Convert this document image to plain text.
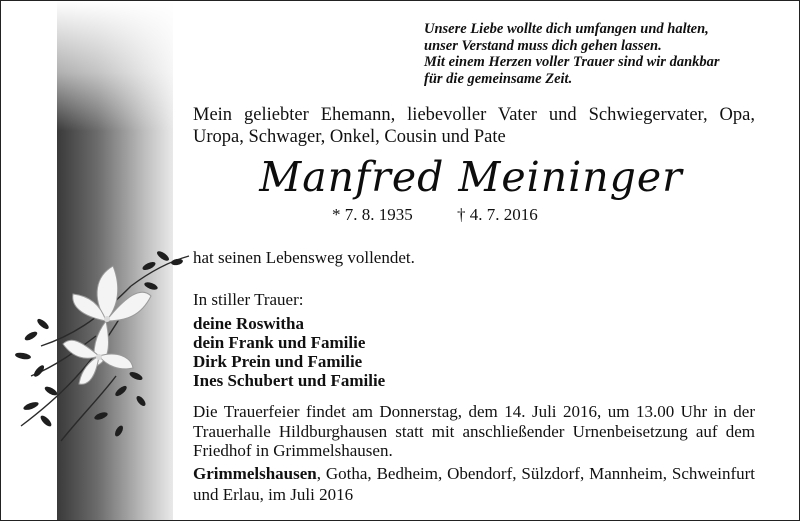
Unsere Liebe wollte dich umfangen und halten,
unser Verstand muss dich gehen lassen.
Mit einem Herzen voller Trauer sind wir dankbar
für die gemeinsame Zeit.
Mein geliebter Ehemann, liebevoller Vater und Schwiegervater, Opa, Uropa, Schwager, Onkel, Cousin und Pate
Manfred Meininger
* 7. 8. 1935	† 4. 7. 2016
hat seinen Lebensweg vollendet.
In stiller Trauer:
deine Roswitha
dein Frank und Familie
Dirk Prein und Familie
Ines Schubert und Familie
Die Trauerfeier findet am Donnerstag, dem 14. Juli 2016, um 13.00 Uhr in der Trauerhalle Hildburghausen statt mit anschließender Urnenbeisetzung auf dem Friedhof in Grimmelshausen.
Grimmelshausen, Gotha, Bedheim, Obendorf, Sülzdorf, Mannheim, Schweinfurt und Erlau, im Juli 2016
